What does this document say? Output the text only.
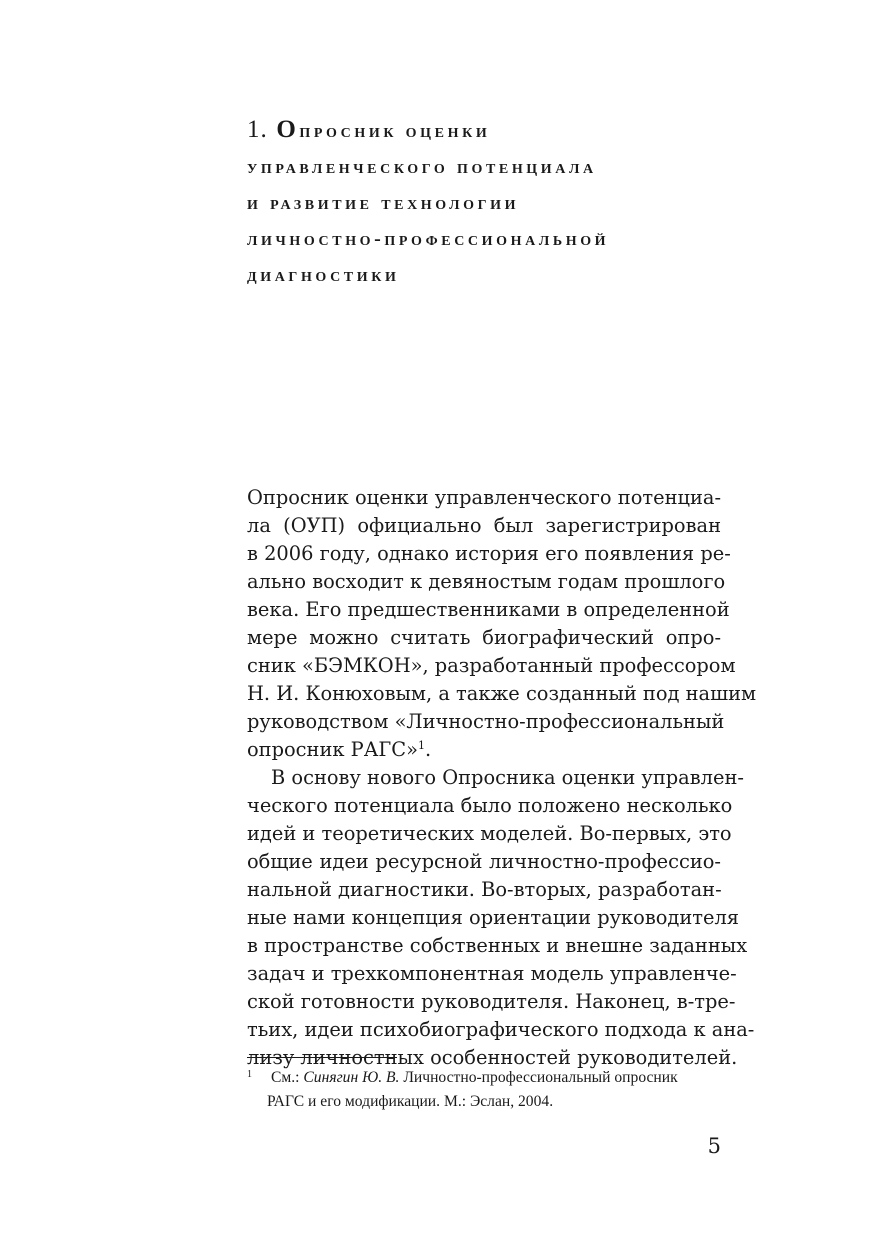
1. Опросник оценки
управленческого потенциала
и развитие технологии
личностно-профессиональной
диагностики
Опросник оценки управленческого потенциа-
ла (ОУП) официально был зарегистрирован
в 2006 году, однако история его появления ре-
ально восходит к девяностым годам прошлого
века. Его предшественниками в определенной
мере можно считать биографический опро-
сник «БЭМКОН», разработанный профессором
Н. И. Конюховым, а также созданный под нашим
руководством «Личностно-профессиональный
опросник РАГС»$^1$.
В основу нового Опросника оценки управлен-
ческого потенциала было положено несколько
идей и теоретических моделей. Во-первых, это
общие идеи ресурсной личностно-профессио-
нальной диагностики. Во-вторых, разработан-
ные нами концепция ориентации руководителя
в пространстве собственных и внешне заданных
задач и трехкомпонентная модель управленче-
ской готовности руководителя. Наконец, в-тре-
тьих, идеи психобиографического подхода к ана-
лизу личностных особенностей руководителей.
1 См.: Синягин Ю. В. Личностно-профессиональный опросник
РАГС и его модификации. М.: Эслан, 2004.
5
